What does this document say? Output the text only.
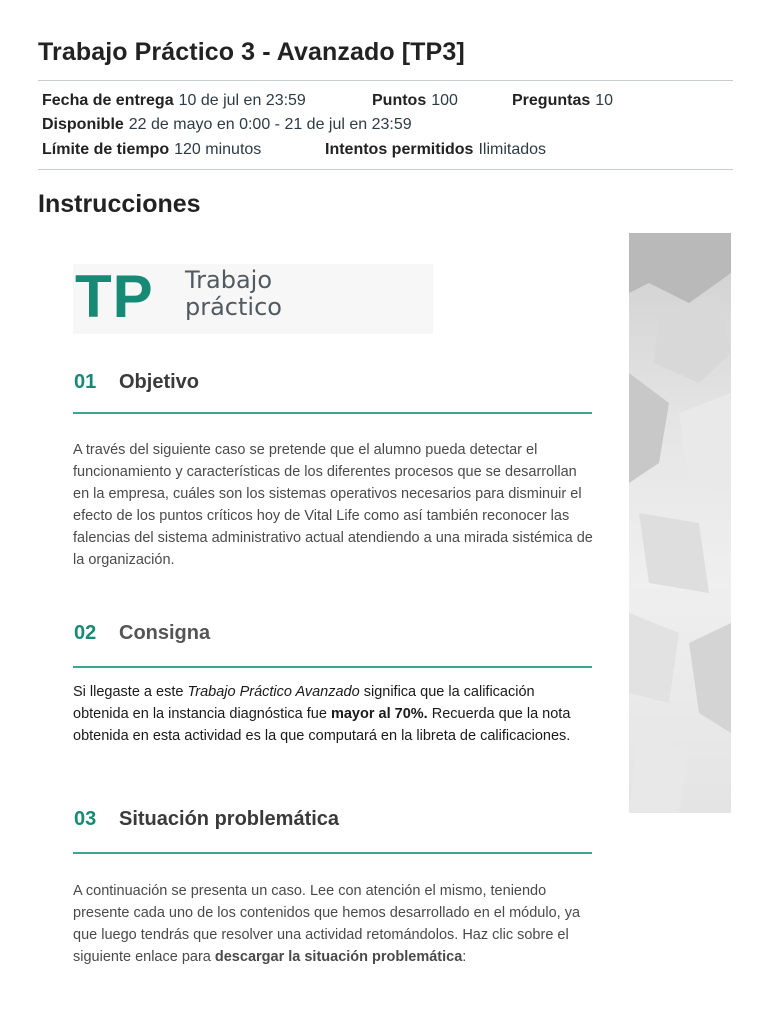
Trabajo Práctico 3 - Avanzado [TP3]
Fecha de entrega 10 de jul en 23:59	Puntos 100	Preguntas 10
Disponible 22 de mayo en 0:00 - 21 de jul en 23:59
Límite de tiempo 120 minutos	Intentos permitidos Ilimitados
Instrucciones
TP Trabajo
práctico
01 Objetivo
A través del siguiente caso se pretende que el alumno pueda detectar el funcionamiento y características de los diferentes procesos que se desarrollan en la empresa, cuáles son los sistemas operativos necesarios para disminuir el efecto de los puntos críticos hoy de Vital Life como así también reconocer las falencias del sistema administrativo actual atendiendo a una mirada sistémica de la organización.
02 Consigna
Si llegaste a este Trabajo Práctico Avanzado significa que la calificación obtenida en la instancia diagnóstica fue mayor al 70%. Recuerda que la nota obtenida en esta actividad es la que computará en la libreta de calificaciones.
03 Situación problemática
A continuación se presenta un caso. Lee con atención el mismo, teniendo presente cada uno de los contenidos que hemos desarrollado en el módulo, ya que luego tendrás que resolver una actividad retomándolos. Haz clic sobre el siguiente enlace para descargar la situación problemática:
